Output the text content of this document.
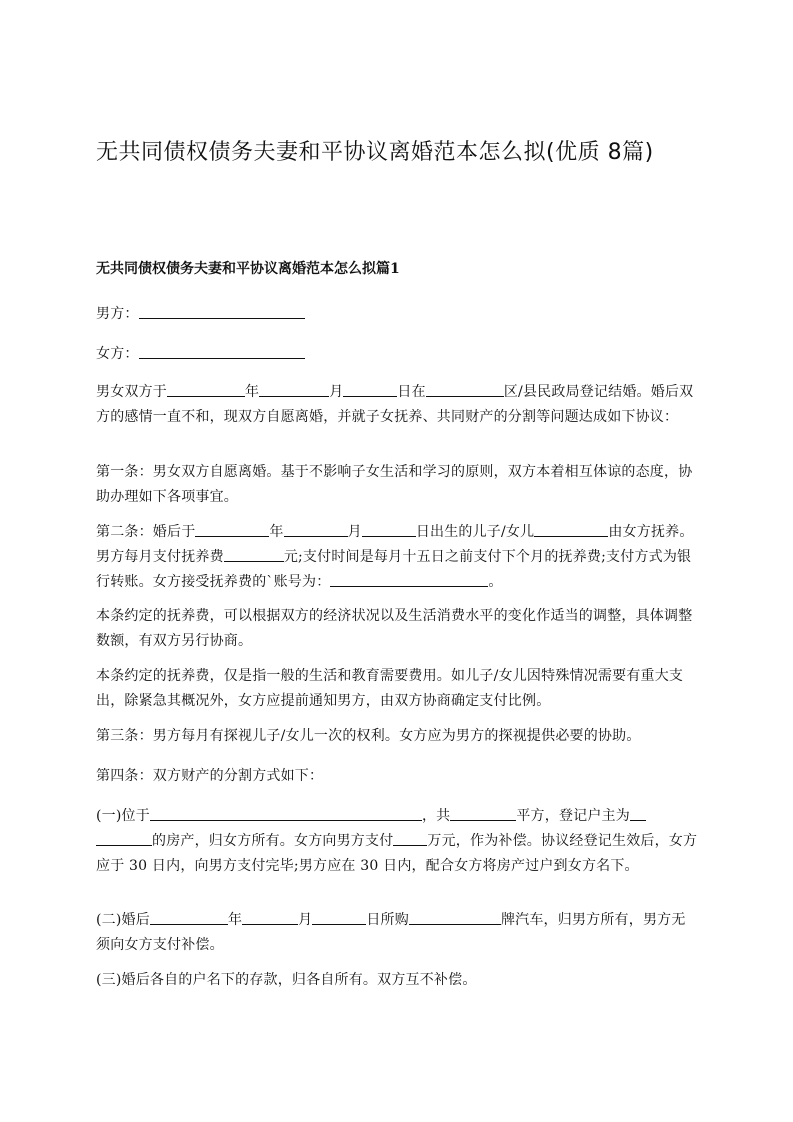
无共同债权债务夫妻和平协议离婚范本怎么拟(优质 8篇)
无共同债权债务夫妻和平协议离婚范本怎么拟篇1
男方：
女方：
男女双方于	年	月	日在	区/县民政局登记结婚。婚后双方的感情一直不和，现双方自愿离婚，并就子女抚养、共同财产的分割等问题达成如下协议：
第一条：男女双方自愿离婚。基于不影响子女生活和学习的原则，双方本着相互体谅的态度，协助办理如下各项事宜。
第二条：婚后于	年	月	日出生的儿子/女儿	由女方抚养。男方每月支付抚养费	元;支付时间是每月十五日之前支付下个月的抚养费;支付方式为银行转账。女方接受抚养费的`账号为：	。
本条约定的抚养费，可以根据双方的经济状况以及生活消费水平的变化作适当的调整，具体调整数额，有双方另行协商。
本条约定的抚养费，仅是指一般的生活和教育需要费用。如儿子/女儿因特殊情况需要有重大支出，除紧急其概况外，女方应提前通知男方，由双方协商确定支付比例。
第三条：男方每月有探视儿子/女儿一次的权利。女方应为男方的探视提供必要的协助。
第四条：双方财产的分割方式如下：
(一)位于	，共	平方，登记户主为的房产，归女方所有。女方向男方支付 万元，作为补偿。协议经登记生效后，女方应于 30 日内，向男方支付完毕;男方应在 30 日内，配合女方将房产过户到女方名下。
(二)婚后	年	月	日所购	牌汽车，归男方所有，男方无须向女方支付补偿。
(三)婚后各自的户名下的存款，归各自所有。双方互不补偿。
